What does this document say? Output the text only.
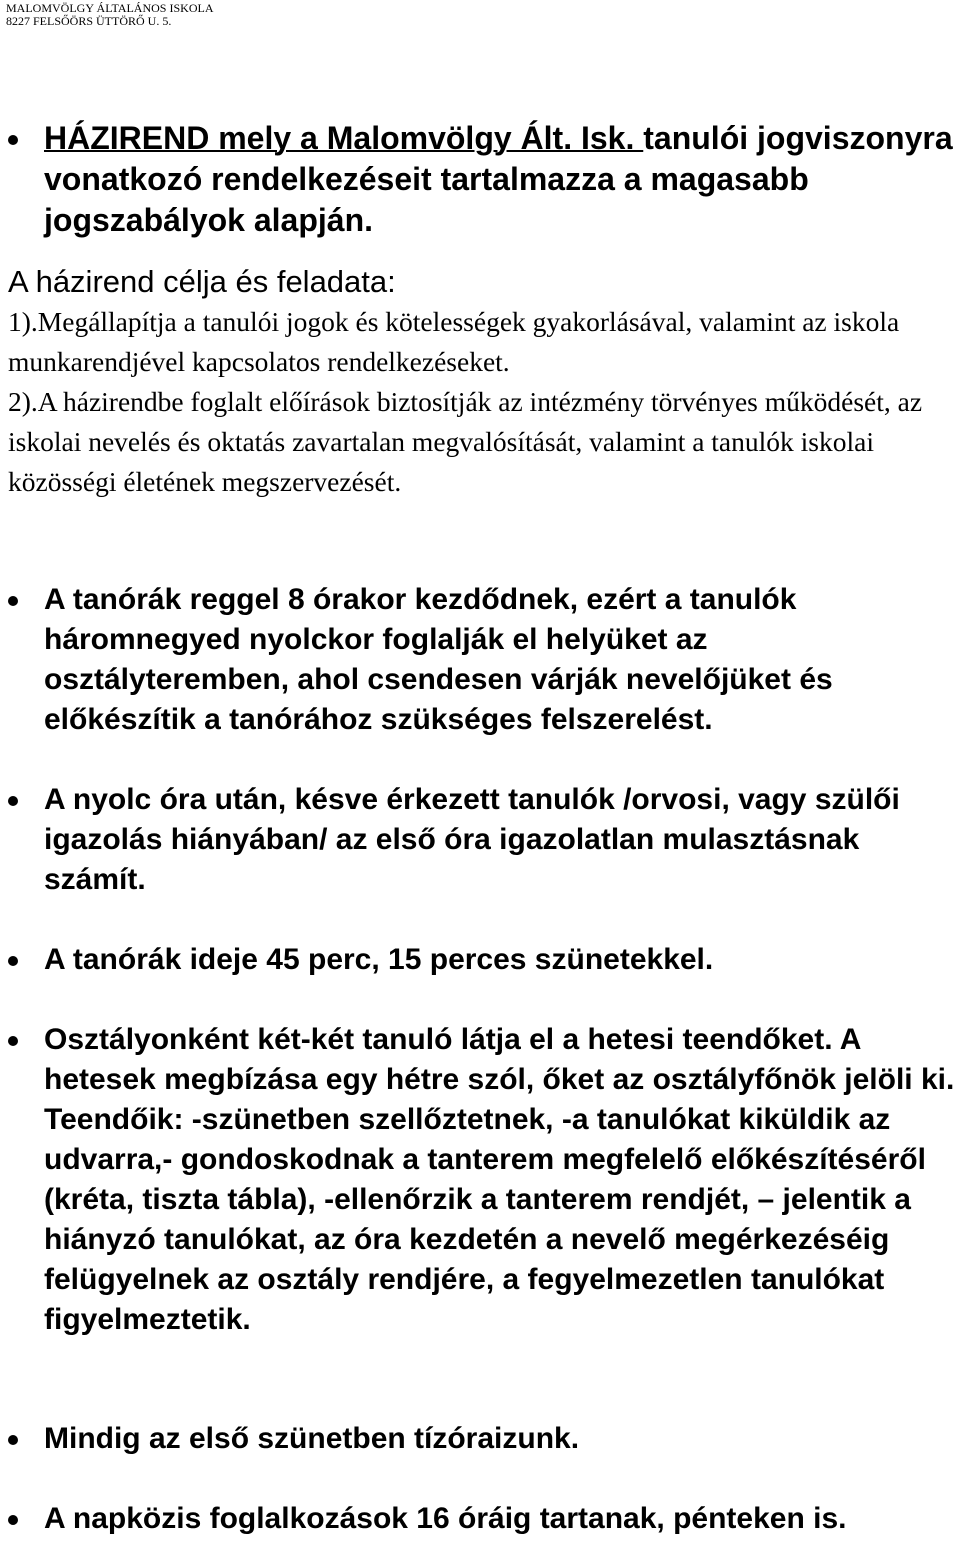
MALOMVÖLGY ÁLTALÁNOS ISKOLA
8227 FELSŐÖRS ÜTTÖRŐ U. 5.

HÁZIREND mely a Malomvölgy Ált. Isk. tanulói jogviszonyra vonatkozó rendelkezéseit tartalmazza a magasabb jogszabályok alapján.

A házirend célja és feladata:

1).Megállapítja a tanulói jogok és kötelességek gyakorlásával, valamint az iskola munkarendjével kapcsolatos rendelkezéseket.

2).A házirendbe foglalt előírások biztosítják az intézmény törvényes működését, az iskolai nevelés és oktatás zavartalan megvalósítását, valamint a tanulók iskolai közösségi életének megszervezését.

A tanórák reggel 8 órakor kezdődnek, ezért a tanulók háromnegyed nyolckor foglalják el helyüket az osztályteremben, ahol csendesen várják nevelőjüket és előkészítik a tanórához szükséges felszerelést.

A nyolc óra után, késve érkezett tanulók /orvosi, vagy szülői igazolás hiányában/ az első óra igazolatlan mulasztásnak számít.

A tanórák ideje 45 perc, 15 perces szünetekkel.

Osztályonként két-két tanuló látja el a hetesi teendőket. A hetesek megbízása egy hétre szól, őket az osztályfőnök jelöli ki. Teendőik: -szünetben szellőztetnek, -a tanulókat kiküldik az udvarra,- gondoskodnak a tanterem megfelelő előkészítéséről (kréta, tiszta tábla), -ellenőrzik a tanterem rendjét, – jelentik a hiányzó tanulókat, az óra kezdetén a nevelő megérkezéséig felügyelnek az osztály rendjére, a fegyelmezetlen tanulókat figyelmeztetik.

Mindig az első szünetben tízóraizunk.

A napközis foglalkozások 16 óráig tartanak, pénteken is.
